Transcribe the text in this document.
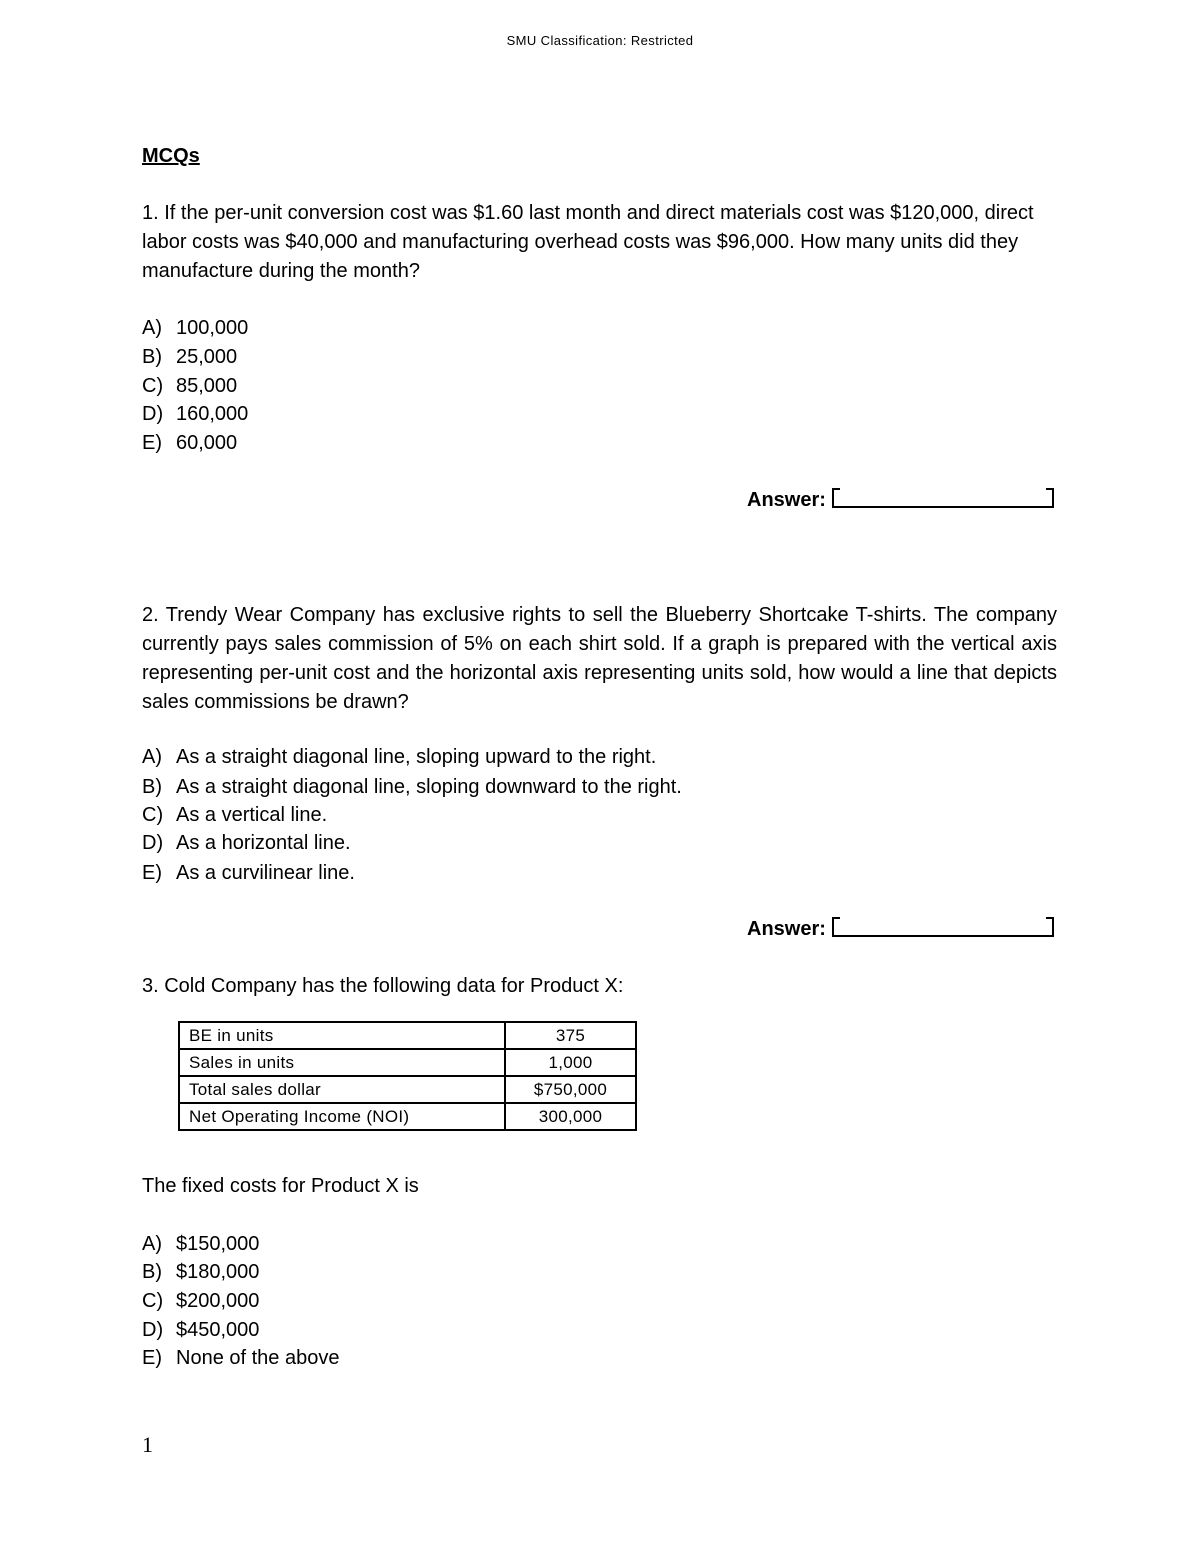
SMU Classification: Restricted
MCQs
1. If the per-unit conversion cost was $1.60 last month and direct materials cost was $120,000, direct labor costs was $40,000 and manufacturing overhead costs was $96,000. How many units did they manufacture during the month?
A) 100,000
B) 25,000
C) 85,000
D) 160,000
E) 60,000
Answer:
2. Trendy Wear Company has exclusive rights to sell the Blueberry Shortcake T-shirts. The company currently pays sales commission of 5% on each shirt sold. If a graph is prepared with the vertical axis representing per-unit cost and the horizontal axis representing units sold, how would a line that depicts sales commissions be drawn?
A) As a straight diagonal line, sloping upward to the right.
B) As a straight diagonal line, sloping downward to the right.
C) As a vertical line.
D) As a horizontal line.
E) As a curvilinear line.
Answer:
3. Cold Company has the following data for Product X:
BE in units	375
Sales in units	1,000
Total sales dollar	$750,000
Net Operating Income (NOI)	300,000
The fixed costs for Product X is
A) $150,000
B) $180,000
C) $200,000
D) $450,000
E) None of the above
1
